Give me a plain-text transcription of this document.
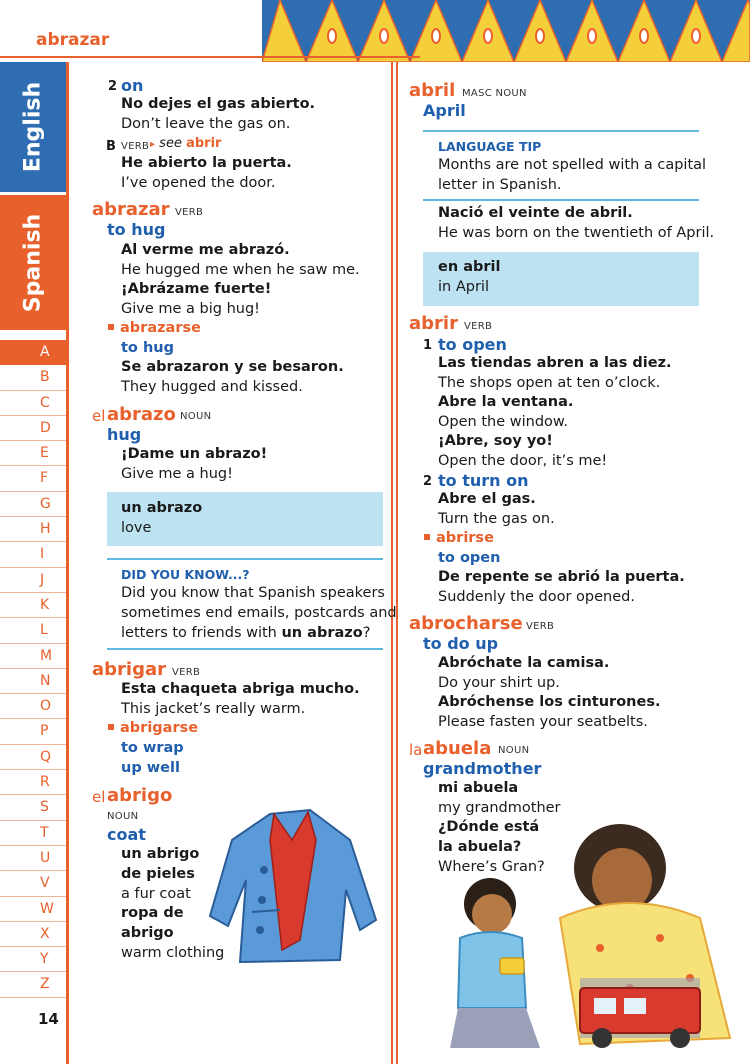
abrazar
English
Spanish
A
B
C
D
E
F
G
H
I
J
K
L
M
N
O
P
Q
R
S
T
U
V
W
X
Y
Z
14
2 on
No dejes el gas abierto.
Don’t leave the gas on.
B VERB ▸ see abrir
He abierto la puerta.
I’ve opened the door.
abrazar VERB
to hug
Al verme me abrazó.
He hugged me when he saw me.
¡Abrázame fuerte!
Give me a big hug!
abrazarse
to hug
Se abrazaron y se besaron.
They hugged and kissed.
el abrazo NOUN
hug
¡Dame un abrazo!
Give me a hug!
un abrazo
love
DID YOU KNOW...?
Did you know that Spanish speakers
sometimes end emails, postcards and
letters to friends with un abrazo?
abrigar VERB
Esta chaqueta abriga mucho.
This jacket’s really warm.
abrigarse
to wrap
up well
el abrigo
NOUN
coat
un abrigo
de pieles
a fur coat
ropa de
abrigo
warm clothing
abril MASC NOUN
April
LANGUAGE TIP
Months are not spelled with a capital
letter in Spanish.
Nació el veinte de abril.
He was born on the twentieth of April.
en abril
in April
abrir VERB
1 to open
Las tiendas abren a las diez.
The shops open at ten o’clock.
Abre la ventana.
Open the window.
¡Abre, soy yo!
Open the door, it’s me!
2 to turn on
Abre el gas.
Turn the gas on.
abrirse
to open
De repente se abrió la puerta.
Suddenly the door opened.
abrocharse VERB
to do up
Abróchate la camisa.
Do your shirt up.
Abróchense los cinturones.
Please fasten your seatbelts.
la abuela NOUN
grandmother
mi abuela
my grandmother
¿Dónde está
la abuela?
Where’s Gran?
